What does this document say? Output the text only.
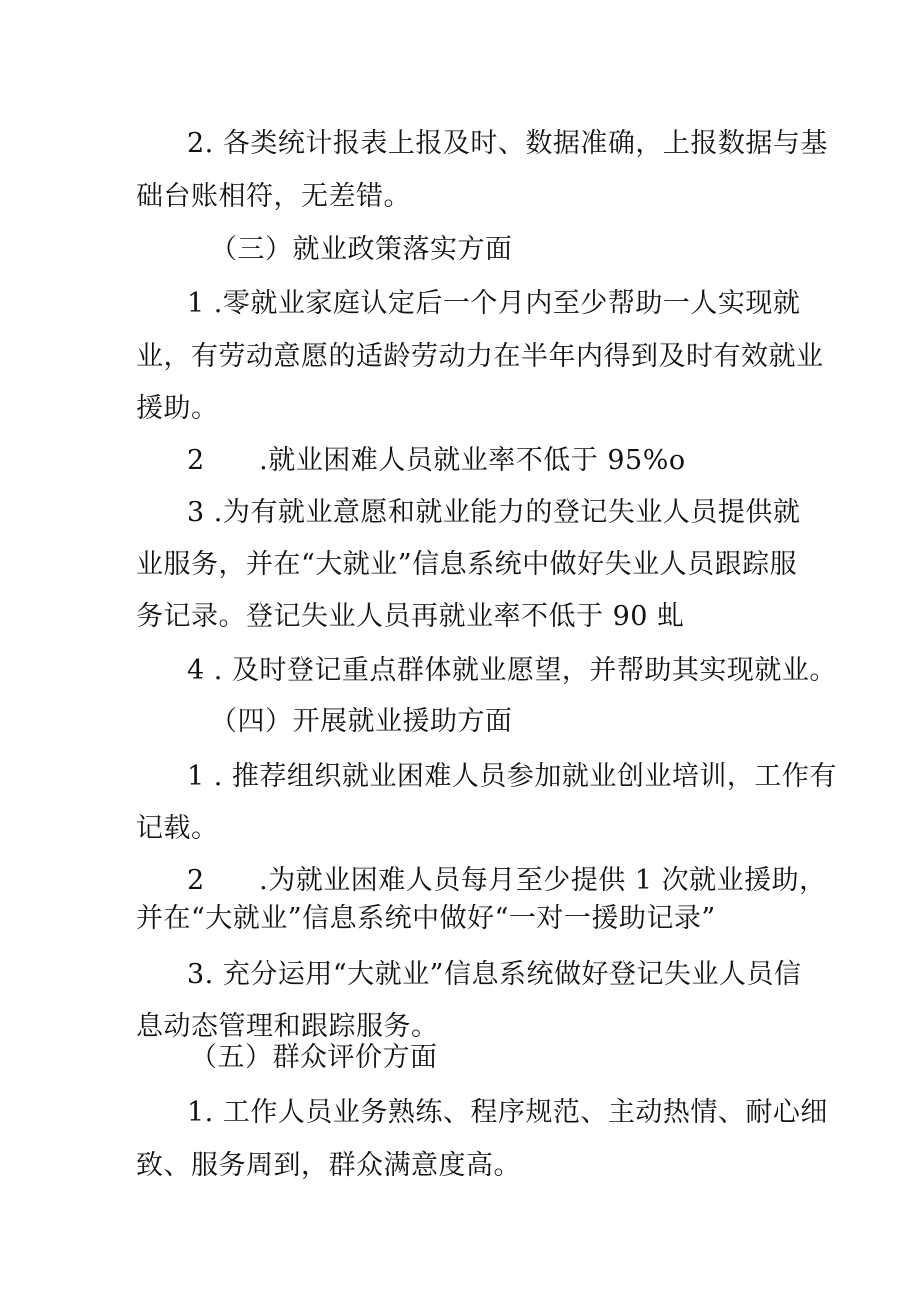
2. 各类统计报表上报及时、数据准确，上报数据与基
础台账相符，无差错。
（三）就业政策落实方面
1 .零就业家庭认定后一个月内至少帮助一人实现就
业，有劳动意愿的适龄劳动力在半年内得到及时有效就业
援助。
2      .就业困难人员就业率不低于 95%o
3 .为有就业意愿和就业能力的登记失业人员提供就
业服务，并在“大就业”信息系统中做好失业人员跟踪服
务记录。登记失业人员再就业率不低于 90 虬
4 . 及时登记重点群体就业愿望，并帮助其实现就业。
（四）开展就业援助方面
1 . 推荐组织就业困难人员参加就业创业培训，工作有
记载。
2      .为就业困难人员每月至少提供 1 次就业援助，
并在“大就业”信息系统中做好“一对一援助记录”
3. 充分运用“大就业”信息系统做好登记失业人员信
息动态管理和跟踪服务。
（五）群众评价方面
1. 工作人员业务熟练、程序规范、主动热情、耐心细
致、服务周到，群众满意度高。
